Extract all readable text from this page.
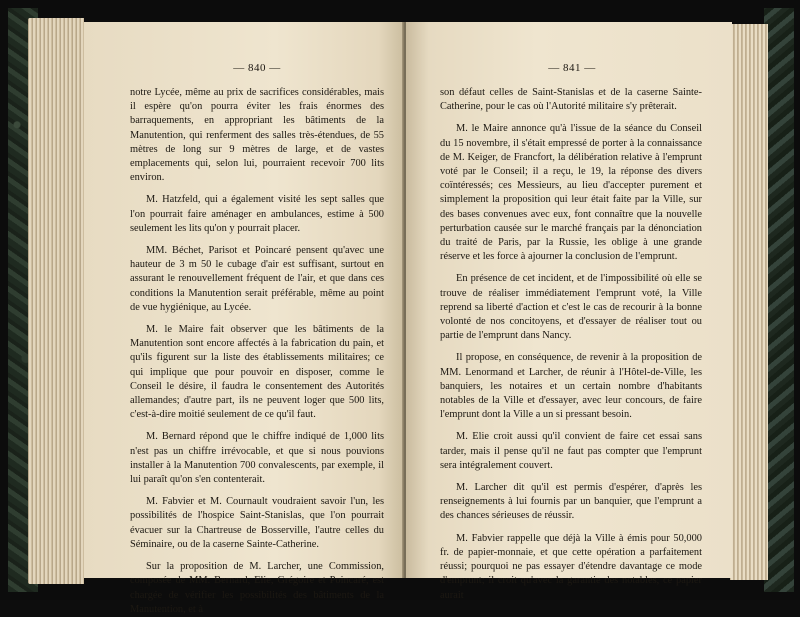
— 840 —

notre Lycée, même au prix de sacrifices considérables, mais il espère qu'on pourra éviter les frais énormes des barraquements, en appropriant les bâtiments de la Manutention, qui renferment des salles très-étendues, de 55 mètres de long sur 9 mètres de large, et de vastes emplacements qui, selon lui, pourraient recevoir 700 lits environ.

M. Hatzfeld, qui a également visité les sept salles que l'on pourrait faire aménager en ambulances, estime à 500 seulement les lits qu'on y pourrait placer.

MM. Béchet, Parisot et Poincaré pensent qu'avec une hauteur de 3 m 50 le cubage d'air est suffisant, surtout en assurant le renouvellement fréquent de l'air, et que dans ces conditions la Manutention serait préférable, même au point de vue hygiénique, au Lycée.

M. le Maire fait observer que les bâtiments de la Manutention sont encore affectés à la fabrication du pain, et qu'ils figurent sur la liste des établissements militaires; ce qui implique que pour pouvoir en disposer, comme le Conseil le désire, il faudra le consentement des Autorités allemandes; d'autre part, ils ne peuvent loger que 500 lits, c'est-à-dire moitié seulement de ce qu'il faut.

M. Bernard répond que le chiffre indiqué de 1,000 lits n'est pas un chiffre irrévocable, et que si nous pouvions installer à la Manutention 700 convalescents, par exemple, il lui paraît qu'on s'en contenterait.

M. Fabvier et M. Cournault voudraient savoir l'un, les possibilités de l'hospice Saint-Stanislas, que l'on pourrait évacuer sur la Chartreuse de Bosserville, l'autre celles du Séminaire, ou de la caserne Sainte-Catherine.

Sur la proposition de M. Larcher, une Commission, composée de MM. Bernard, Elie, Grégoire et Poincaré, est chargée de vérifier les possibilités des bâtiments de la Manutention, et à

— 841 —

son défaut celles de Saint-Stanislas et de la caserne Sainte-Catherine, pour le cas où l'Autorité militaire s'y prêterait.

M. le Maire annonce qu'à l'issue de la séance du Conseil du 15 novembre, il s'était empressé de porter à la connaissance de M. Keiger, de Francfort, la délibération relative à l'emprunt voté par le Conseil; il a reçu, le 19, la réponse des divers coïntéressés; ces Messieurs, au lieu d'accepter purement et simplement la proposition qui leur était faite par la Ville, sur des bases convenues avec eux, font connaître que la nouvelle perturbation causée sur le marché français par la dénonciation du traité de Paris, par la Russie, les oblige à une grande réserve et les force à ajourner la conclusion de l'emprunt.

En présence de cet incident, et de l'impossibilité où elle se trouve de réaliser immédiatement l'emprunt voté, la Ville reprend sa liberté d'action et c'est le cas de recourir à la bonne volonté de nos concitoyens, et d'essayer de réaliser tout ou partie de l'emprunt dans Nancy.

Il propose, en conséquence, de revenir à la proposition de MM. Lenormand et Larcher, de réunir à l'Hôtel-de-Ville, les banquiers, les notaires et un certain nombre d'habitants notables de la Ville et d'essayer, avec leur concours, de faire l'emprunt dont la Ville a un si pressant besoin.

M. Elie croit aussi qu'il convient de faire cet essai sans tarder, mais il pense qu'il ne faut pas compter que l'emprunt sera intégralement couvert.

M. Larcher dit qu'il est permis d'espérer, d'après les renseignements à lui fournis par un banquier, que l'emprunt a des chances sérieuses de réussir.

M. Fabvier rappelle que déjà la Ville à émis pour 50,000 fr. de papier-monnaie, et que cette opération a parfaitement réussi; pourquoi ne pas essayer d'étendre davantage ce mode d'emprunt; il croit qu'avec la garantie des notables, ce papier aurait
